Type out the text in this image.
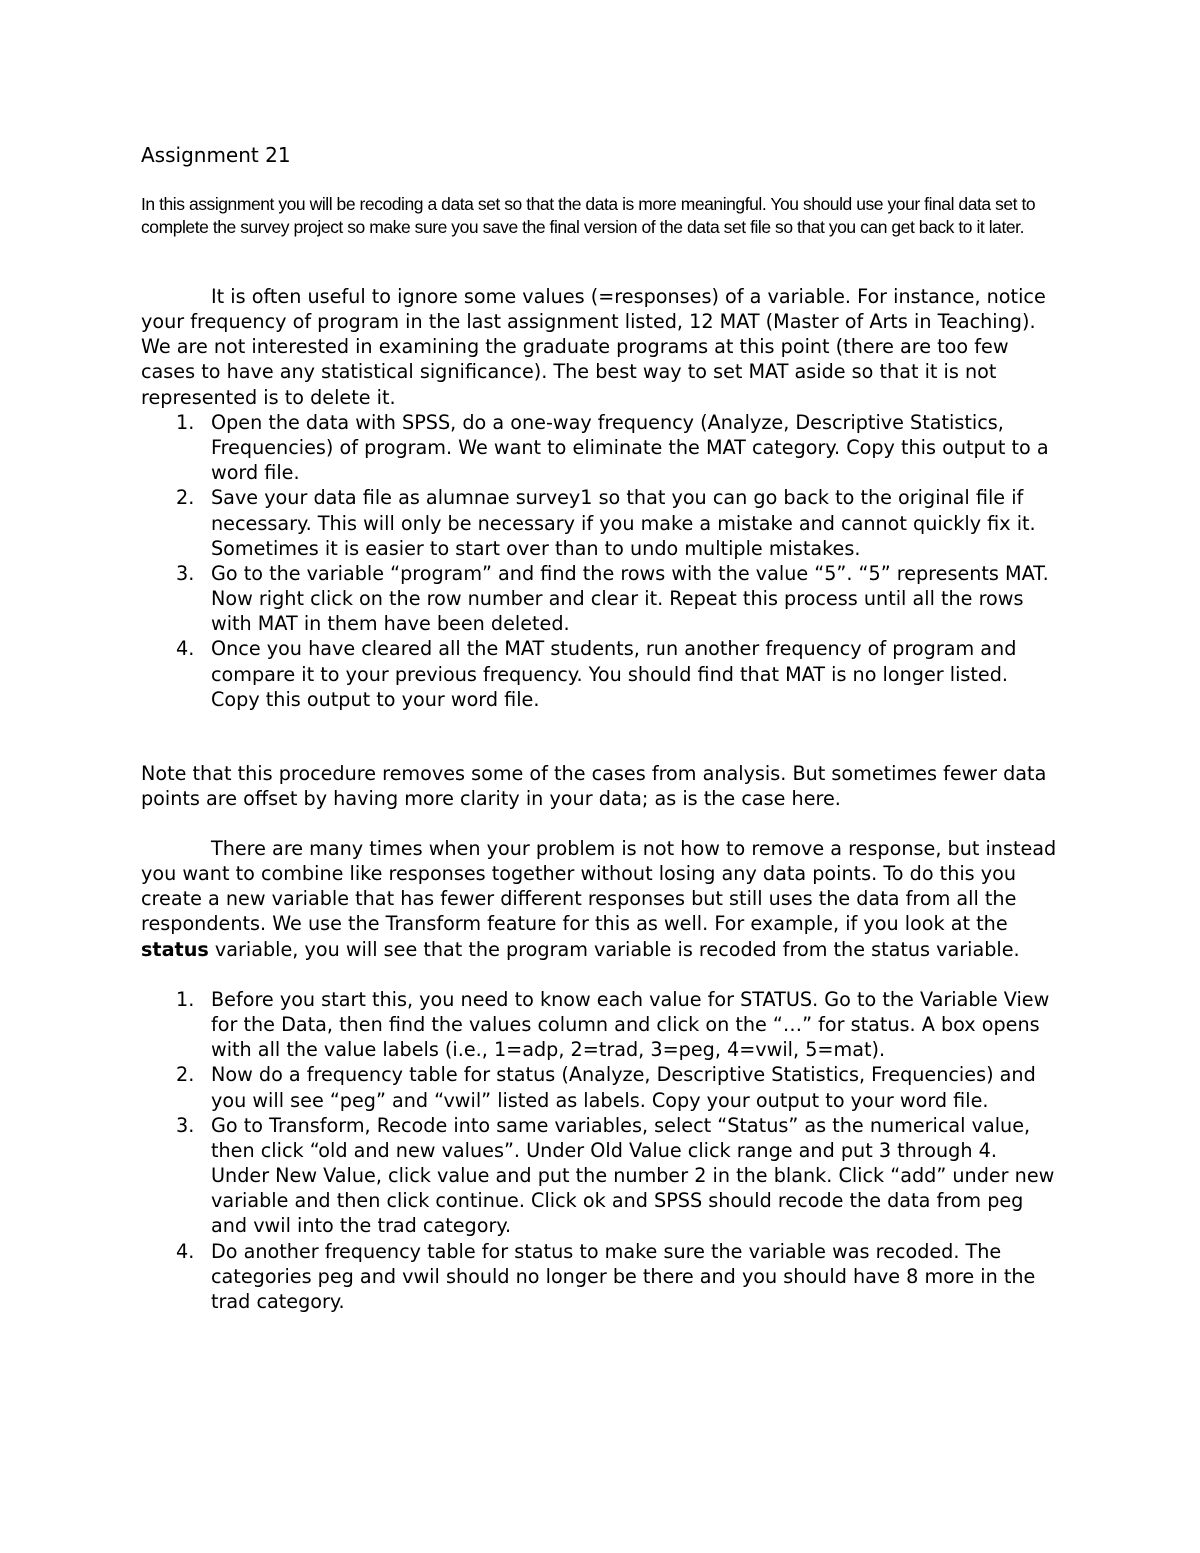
Assignment 21

In this assignment you will be recoding a data set so that the data is more meaningful. You should use your final data set to complete the survey project so make sure you save the final version of the data set file so that you can get back to it later.

It is often useful to ignore some values (=responses) of a variable. For instance, notice your frequency of program in the last assignment listed, 12 MAT (Master of Arts in Teaching). We are not interested in examining the graduate programs at this point (there are too few cases to have any statistical significance). The best way to set MAT aside so that it is not represented is to delete it.

1. Open the data with SPSS, do a one-way frequency (Analyze, Descriptive Statistics, Frequencies) of program. We want to eliminate the MAT category. Copy this output to a word file.
2. Save your data file as alumnae survey1 so that you can go back to the original file if necessary. This will only be necessary if you make a mistake and cannot quickly fix it. Sometimes it is easier to start over than to undo multiple mistakes.
3. Go to the variable “program” and find the rows with the value “5”. “5” represents MAT. Now right click on the row number and clear it. Repeat this process until all the rows with MAT in them have been deleted.
4. Once you have cleared all the MAT students, run another frequency of program and compare it to your previous frequency. You should find that MAT is no longer listed. Copy this output to your word file.

Note that this procedure removes some of the cases from analysis. But sometimes fewer data points are offset by having more clarity in your data; as is the case here.

There are many times when your problem is not how to remove a response, but instead you want to combine like responses together without losing any data points. To do this you create a new variable that has fewer different responses but still uses the data from all the respondents. We use the Transform feature for this as well. For example, if you look at the status variable, you will see that the program variable is recoded from the status variable.

1. Before you start this, you need to know each value for STATUS. Go to the Variable View for the Data, then find the values column and click on the “…” for status. A box opens with all the value labels (i.e., 1=adp, 2=trad, 3=peg, 4=vwil, 5=mat).
2. Now do a frequency table for status (Analyze, Descriptive Statistics, Frequencies) and you will see “peg” and “vwil” listed as labels. Copy your output to your word file.
3. Go to Transform, Recode into same variables, select “Status” as the numerical value, then click “old and new values”. Under Old Value click range and put 3 through 4. Under New Value, click value and put the number 2 in the blank. Click “add” under new variable and then click continue. Click ok and SPSS should recode the data from peg and vwil into the trad category.
4. Do another frequency table for status to make sure the variable was recoded. The categories peg and vwil should no longer be there and you should have 8 more in the trad category.
